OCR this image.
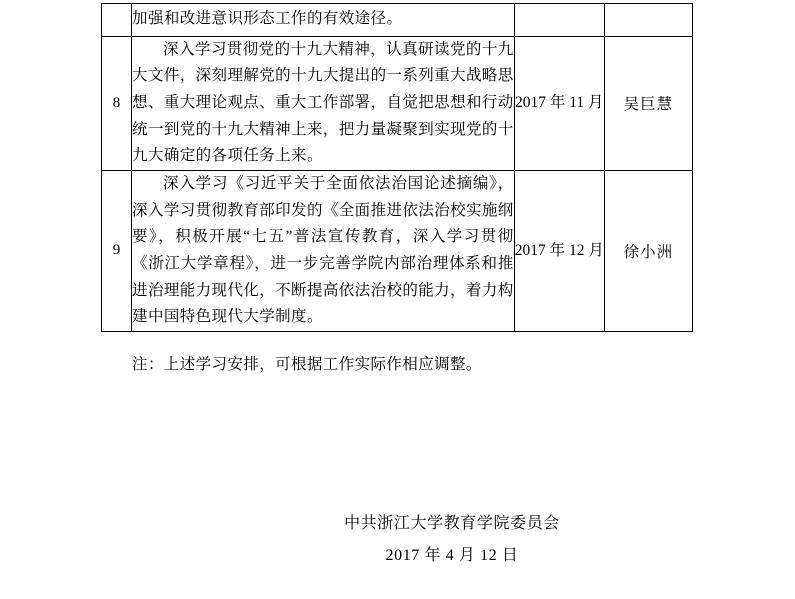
	加强和改进意识形态工作的有效途径。		
8	深入学习贯彻党的十九大精神，认真研读党的十九大文件，深刻理解党的十九大提出的一系列重大战略思想、重大理论观点、重大工作部署，自觉把思想和行动统一到党的十九大精神上来，把力量凝聚到实现党的十九大确定的各项任务上来。	2017 年 11 月	吴巨慧
9	深入学习《习近平关于全面依法治国论述摘编》，深入学习贯彻教育部印发的《全面推进依法治校实施纲要》，积极开展“七五”普法宣传教育，深入学习贯彻《浙江大学章程》，进一步完善学院内部治理体系和推进治理能力现代化，不断提高依法治校的能力，着力构建中国特色现代大学制度。	2017 年 12 月	徐小洲
注：上述学习安排，可根据工作实际作相应调整。
中共浙江大学教育学院委员会
2017 年 4 月 12 日
